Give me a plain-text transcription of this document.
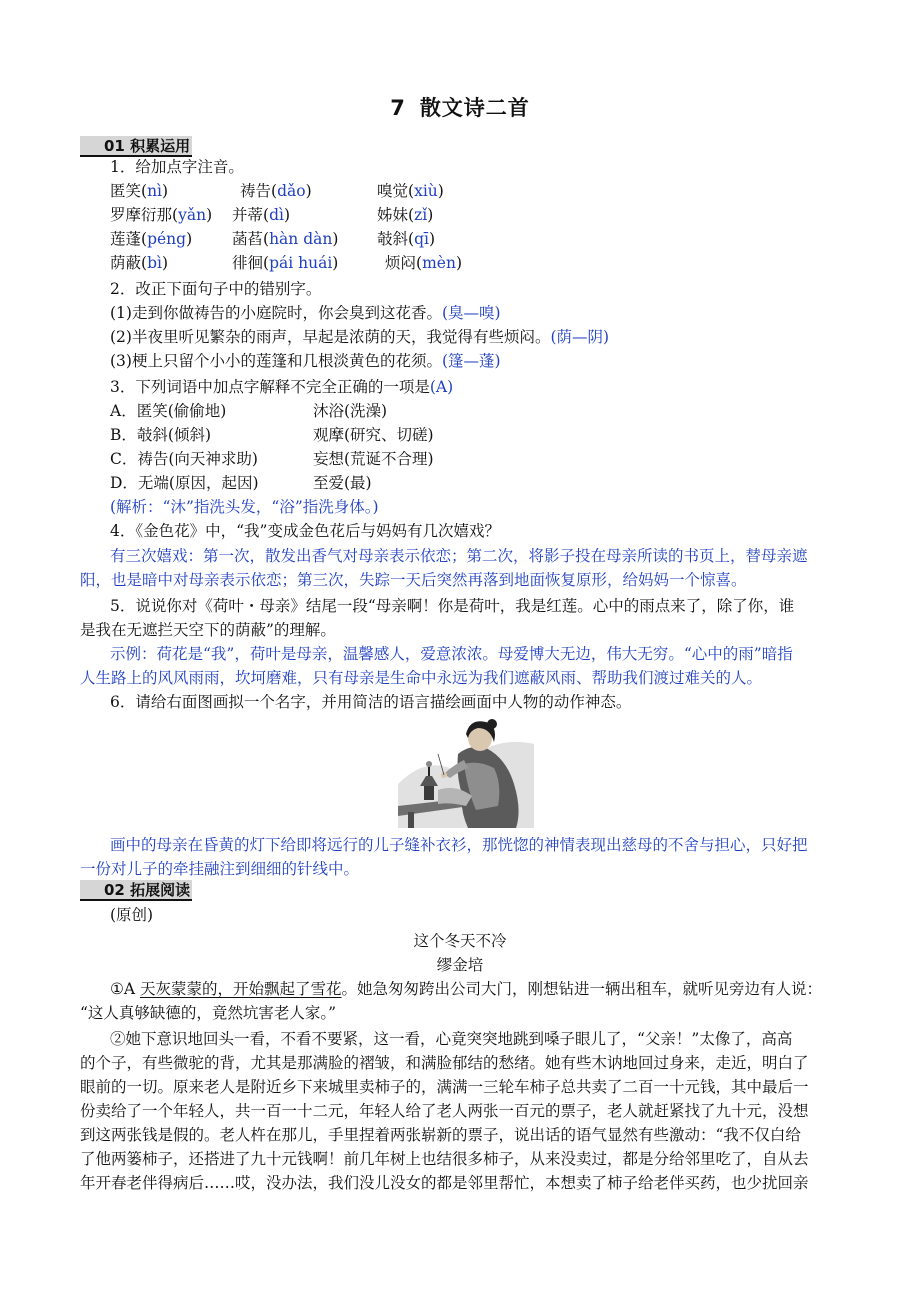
7 散文诗二首
01 积累运用
1．给加点字注音。
匿笑(nì)	祷告(dǎo)	嗅觉(xiù)
罗摩衍那(yǎn) 并蒂(dì)	姊妹(zǐ)
莲蓬(péng)	菡萏(hàn dàn) 攲斜(qī)
荫蔽(bì)	徘徊(pái huái)	烦闷(mèn)
2．改正下面句子中的错别字。
(1)走到你做祷告的小庭院时，你会臭到这花香。(臭—嗅)
(2)半夜里听见繁杂的雨声，早起是浓荫的天，我觉得有些烦闷。(荫—阴)
(3)梗上只留个小小的莲篷和几根淡黄色的花须。(篷—蓬)
3．下列词语中加点字解释不完全正确的一项是(A)
A．匿笑(偷偷地)	沐浴(洗澡)
B．攲斜(倾斜)	观摩(研究、切磋)
C．祷告(向天神求助)	妄想(荒诞不合理)
D．无端(原因，起因)	至爱(最)
(解析：“沐”指洗头发，“浴”指洗身体。)
4．《金色花》中，“我”变成金色花后与妈妈有几次嬉戏？
有三次嬉戏：第一次，散发出香气对母亲表示依恋；第二次，将影子投在母亲所读的书页上，替母亲遮
阳，也是暗中对母亲表示依恋；第三次，失踪一天后突然再落到地面恢复原形，给妈妈一个惊喜。
5．说说你对《荷叶・母亲》结尾一段“母亲啊！你是荷叶，我是红莲。心中的雨点来了，除了你，谁
是我在无遮拦天空下的荫蔽”的理解。
示例：荷花是“我”，荷叶是母亲，温馨感人，爱意浓浓。母爱博大无边，伟大无穷。“心中的雨”暗指
人生路上的风风雨雨，坎坷磨难，只有母亲是生命中永远为我们遮蔽风雨、帮助我们渡过难关的人。
6．请给右面图画拟一个名字，并用简洁的语言描绘画面中人物的动作神态。
画中的母亲在昏黄的灯下给即将远行的儿子缝补衣衫，那恍惚的神情表现出慈母的不舍与担心，只好把
一份对儿子的牵挂融注到细细的针线中。
02 拓展阅读
(原创)
这个冬天不冷
缪金培
①A 天灰蒙蒙的，开始飘起了雪花。她急匆匆跨出公司大门，刚想钻进一辆出租车，就听见旁边有人说：
“这人真够缺德的，竟然坑害老人家。”
②她下意识地回头一看，不看不要紧，这一看，心竟突突地跳到嗓子眼儿了，“父亲！”太像了，高高
的个子，有些微驼的背，尤其是那满脸的褶皱，和满脸郁结的愁绪。她有些木讷地回过身来，走近，明白了
眼前的一切。原来老人是附近乡下来城里卖柿子的，满满一三轮车柿子总共卖了二百一十元钱，其中最后一
份卖给了一个年轻人，共一百一十二元，年轻人给了老人两张一百元的票子，老人就赶紧找了九十元，没想
到这两张钱是假的。老人杵在那儿，手里捏着两张崭新的票子，说出话的语气显然有些激动：“我不仅白给
了他两篓柿子，还搭进了九十元钱啊！前几年树上也结很多柿子，从来没卖过，都是分给邻里吃了，自从去
年开春老伴得病后……哎，没办法，我们没儿没女的都是邻里帮忙，本想卖了柿子给老伴买药，也少扰回亲
